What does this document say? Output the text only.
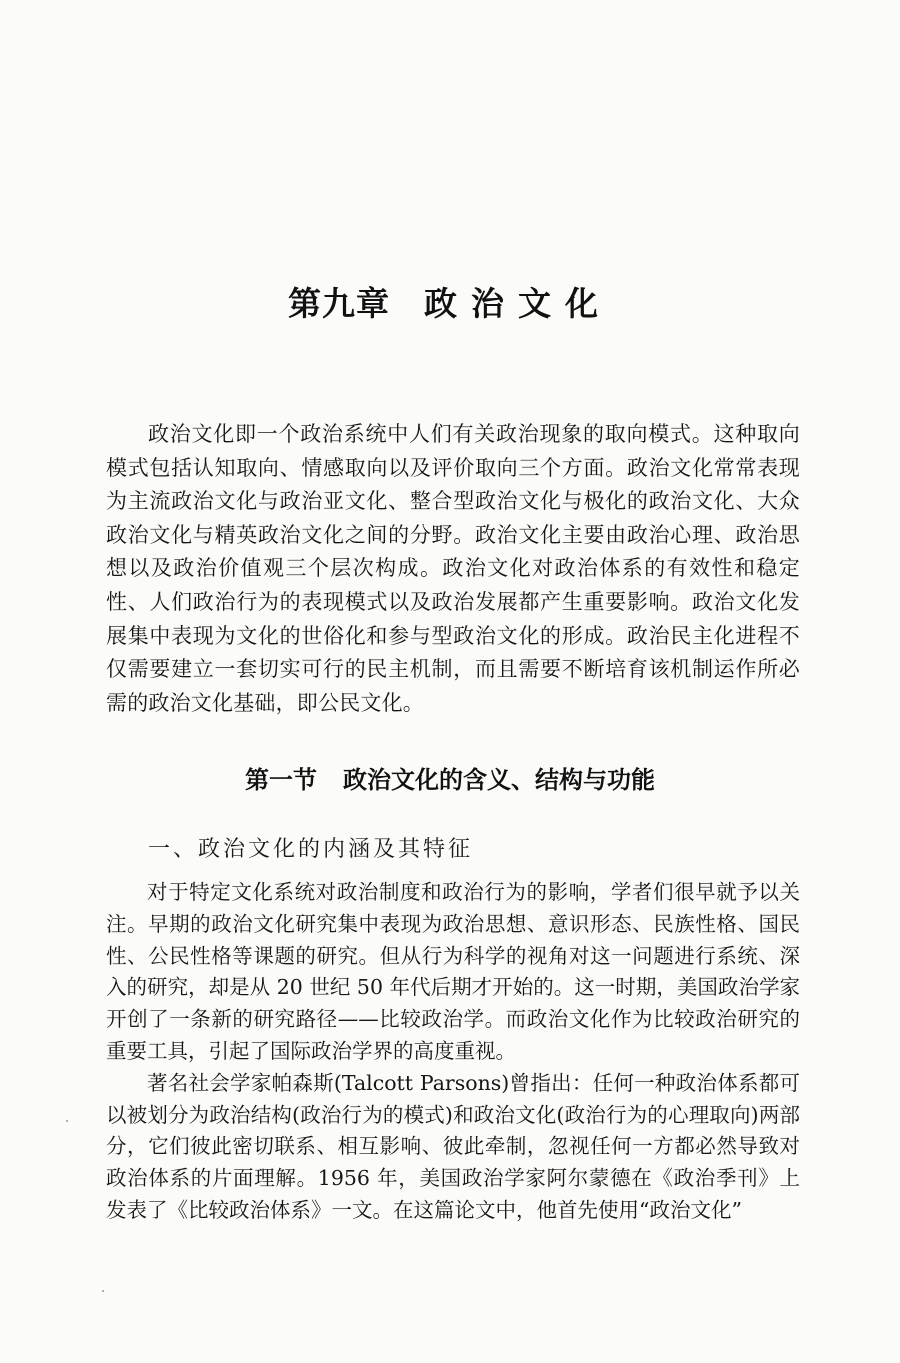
第九章 政治文化

政治文化即一个政治系统中人们有关政治现象的取向模式。这种取向模式包括认知取向、情感取向以及评价取向三个方面。政治文化常常表现为主流政治文化与政治亚文化、整合型政治文化与极化的政治文化、大众政治文化与精英政治文化之间的分野。政治文化主要由政治心理、政治思想以及政治价值观三个层次构成。政治文化对政治体系的有效性和稳定性、人们政治行为的表现模式以及政治发展都产生重要影响。政治文化发展集中表现为文化的世俗化和参与型政治文化的形成。政治民主化进程不仅需要建立一套切实可行的民主机制，而且需要不断培育该机制运作所必需的政治文化基础，即公民文化。

第一节 政治文化的含义、结构与功能
一、政治文化的内涵及其特征

对于特定文化系统对政治制度和政治行为的影响，学者们很早就予以关注。早期的政治文化研究集中表现为政治思想、意识形态、民族性格、国民性、公民性格等课题的研究。但从行为科学的视角对这一问题进行系统、深入的研究，却是从 20 世纪 50 年代后期才开始的。这一时期，美国政治学家开创了一条新的研究路径——比较政治学。而政治文化作为比较政治研究的重要工具，引起了国际政治学界的高度重视。

著名社会学家帕森斯(Talcott Parsons)曾指出：任何一种政治体系都可以被划分为政治结构(政治行为的模式)和政治文化(政治行为的心理取向)两部分，它们彼此密切联系、相互影响、彼此牵制，忽视任何一方都必然导致对政治体系的片面理解。1956 年，美国政治学家阿尔蒙德在《政治季刊》上发表了《比较政治体系》一文。在这篇论文中，他首先使用“政治文化”
